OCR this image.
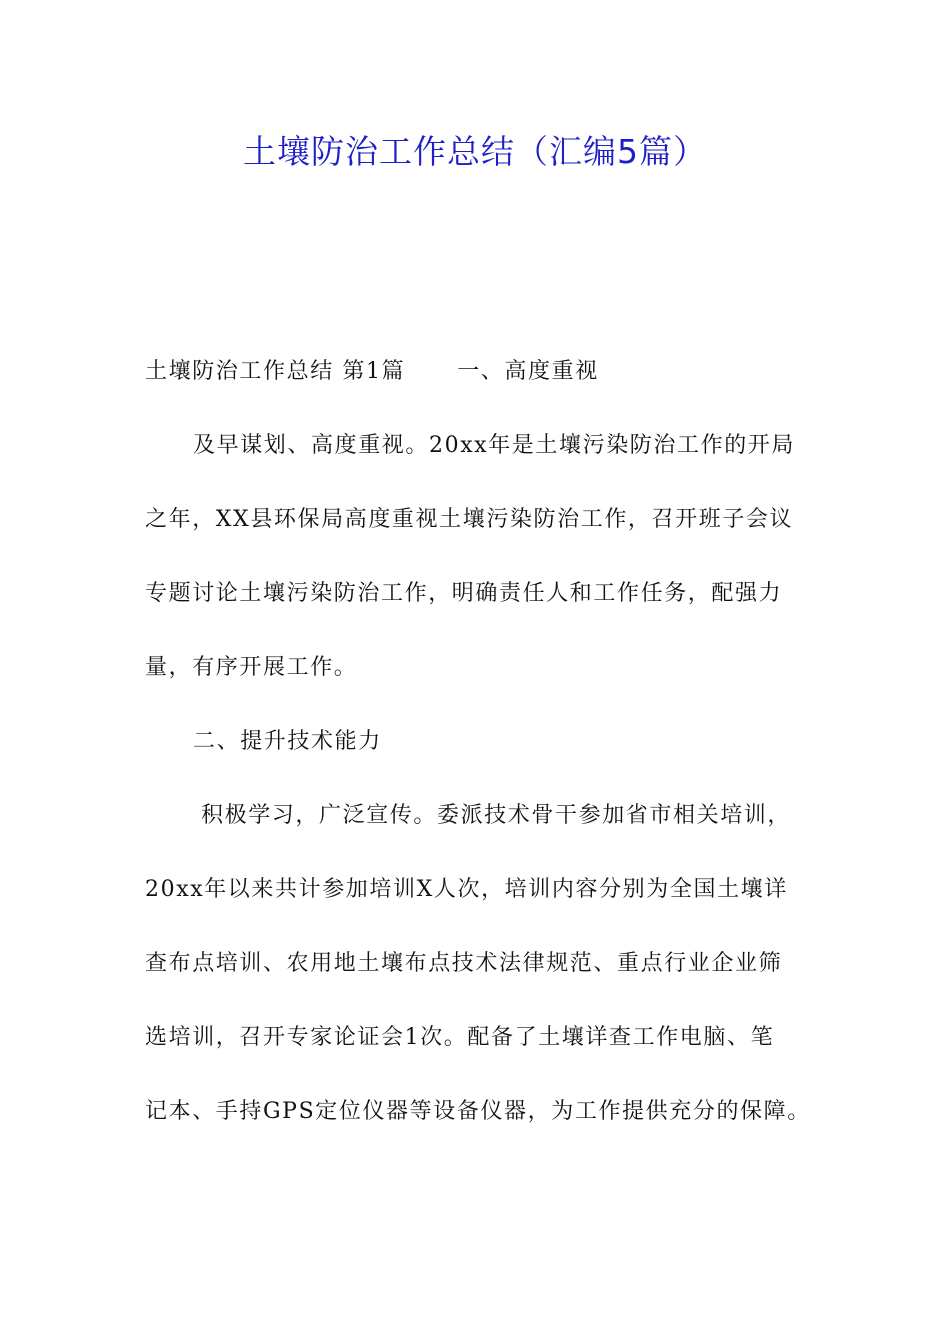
土壤防治工作总结（汇编5篇）
土壤防治工作总结 第1篇 一、高度重视
及早谋划、高度重视。20xx年是土壤污染防治工作的开局
之年，XX县环保局高度重视土壤污染防治工作，召开班子会议
专题讨论土壤污染防治工作，明确责任人和工作任务，配强力
量，有序开展工作。
二、提升技术能力
积极学习，广泛宣传。委派技术骨干参加省市相关培训，
20xx年以来共计参加培训X人次，培训内容分别为全国土壤详
查布点培训、农用地土壤布点技术法律规范、重点行业企业筛
选培训，召开专家论证会1次。配备了土壤详查工作电脑、笔
记本、手持GPS定位仪器等设备仪器，为工作提供充分的保障。
